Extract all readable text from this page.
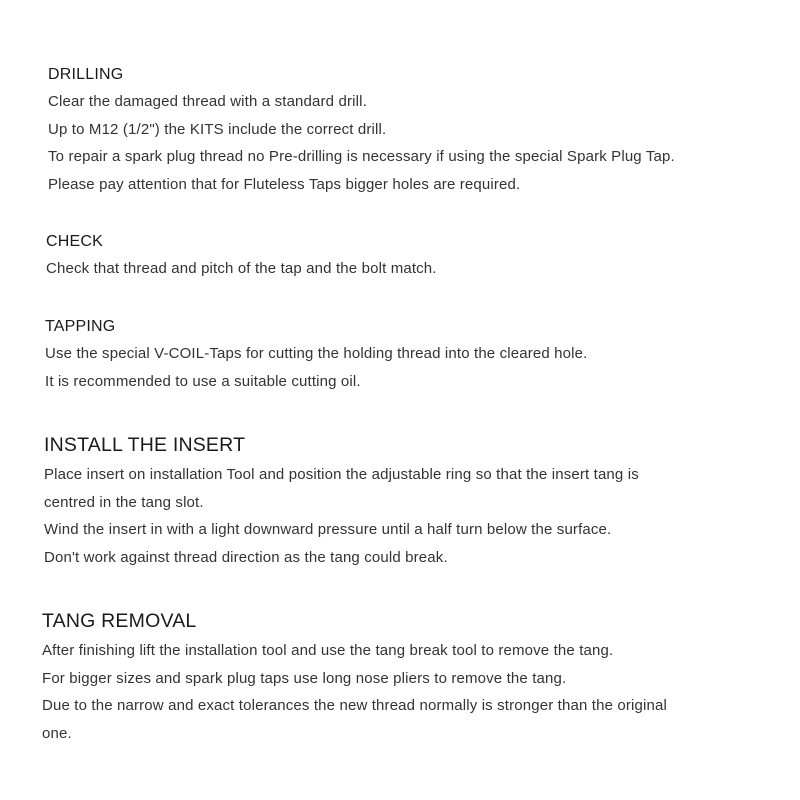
DRILLING

Clear the damaged thread with a standard drill.

Up to M12 (1/2") the KITS include the correct drill.

To repair a spark plug thread no Pre-drilling is necessary if using the special Spark Plug Tap.

Please pay attention that for Fluteless Taps bigger holes are required.

CHECK

Check that thread and pitch of the tap and the bolt match.

TAPPING

Use the special V-COIL-Taps for cutting the holding thread into the cleared hole.

It is recommended to use a suitable cutting oil.

INSTALL THE INSERT

Place insert on installation Tool and position the adjustable ring so that the insert tang is

centred in the tang slot.

Wind the insert in with a light downward pressure until a half turn below the surface.

Don't work against thread direction as the tang could break.

TANG REMOVAL

After finishing lift the installation tool and use the tang break tool to remove the tang.

For bigger sizes and spark plug taps use long nose pliers to remove the tang.

Due to the narrow and exact tolerances the new thread normally is stronger than the original

one.
